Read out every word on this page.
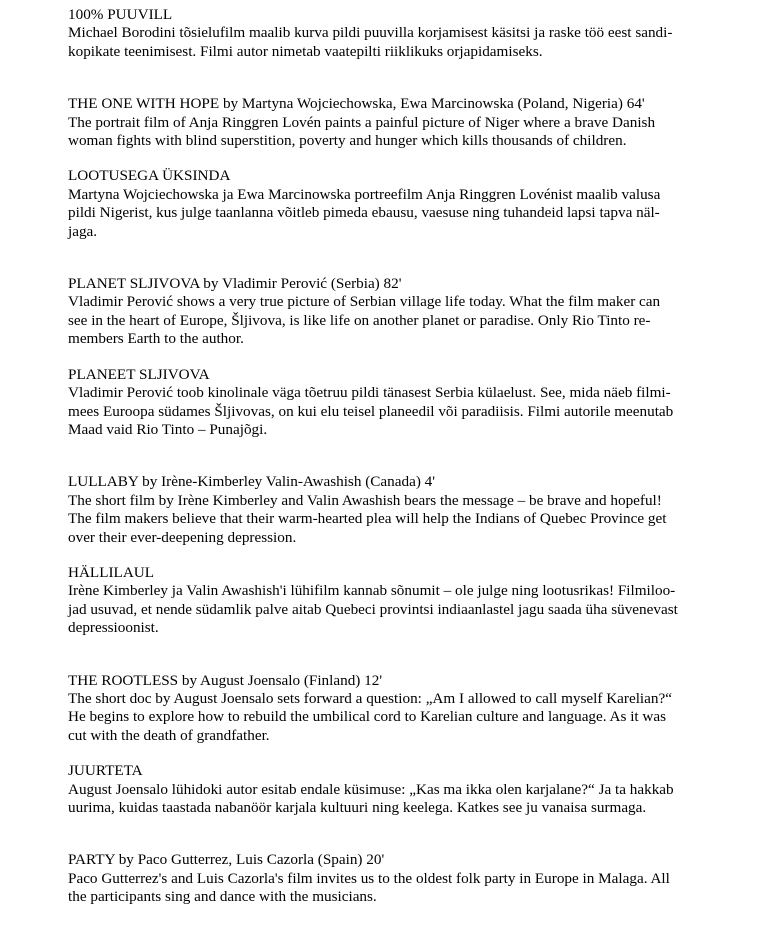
100% PUUVILL
Michael Borodini tõsielufilm maalib kurva pildi puuvilla korjamisest käsitsi ja raske töö eest sandi-
kopikate teenimisest. Filmi autor nimetab vaatepilti riiklikuks orjapidamiseks.
THE ONE WITH HOPE by Martyna Wojciechowska, Ewa Marcinowska (Poland, Nigeria) 64'
The portrait film of Anja Ringgren Lovén paints a painful picture of Niger where a brave Danish
woman fights with blind superstition, poverty and hunger which kills thousands of children.
LOOTUSEGA ÜKSINDA
Martyna Wojciechowska ja Ewa Marcinowska portreefilm Anja Ringgren Lovénist maalib valusa
pildi Nigerist, kus julge taanlanna võitleb pimeda ebausu, vaesuse ning tuhandeid lapsi tapva näl-
jaga.
PLANET SLJIVOVA by Vladimir Perović (Serbia) 82'
Vladimir Perović shows a very true picture of Serbian village life today. What the film maker can
see in the heart of Europe, Šljivova, is like life on another planet or paradise. Only Rio Tinto re-
members Earth to the author.
PLANEET SLJIVOVA
Vladimir Perović toob kinolinale väga tõetruu pildi tänasest Serbia külaelust. See, mida näeb filmi-
mees Euroopa südames Šljivovas, on kui elu teisel planeedil või paradiisis. Filmi autorile meenutab
Maad vaid Rio Tinto – Punajõgi.
LULLABY by Irène-Kimberley Valin-Awashish (Canada) 4'
The short film by Irène Kimberley and Valin Awashish bears the message – be brave and hopeful!
The film makers believe that their warm-hearted plea will help the Indians of Quebec Province get
over their ever-deepening depression.
HÄLLILAUL
Irène Kimberley ja Valin Awashish'i lühifilm kannab sõnumit – ole julge ning lootusrikas! Filmiloo-
jad usuvad, et nende südamlik palve aitab Quebeci provintsi indiaanlastel jagu saada üha süvenevast
depressioonist.
THE ROOTLESS by August Joensalo (Finland) 12'
The short doc by August Joensalo sets forward a question: „Am I allowed to call myself Karelian?“
He begins to explore how to rebuild the umbilical cord to Karelian culture and language. As it was
cut with the death of grandfather.
JUURTETA
August Joensalo lühidoki autor esitab endale küsimuse: „Kas ma ikka olen karjalane?“ Ja ta hakkab
uurima, kuidas taastada nabanöör karjala kultuuri ning keelega. Katkes see ju vanaisa surmaga.
PARTY by Paco Gutterrez, Luis Cazorla (Spain) 20'
Paco Gutterrez's and Luis Cazorla's film invites us to the oldest folk party in Europe in Malaga. All
the participants sing and dance with the musicians.
